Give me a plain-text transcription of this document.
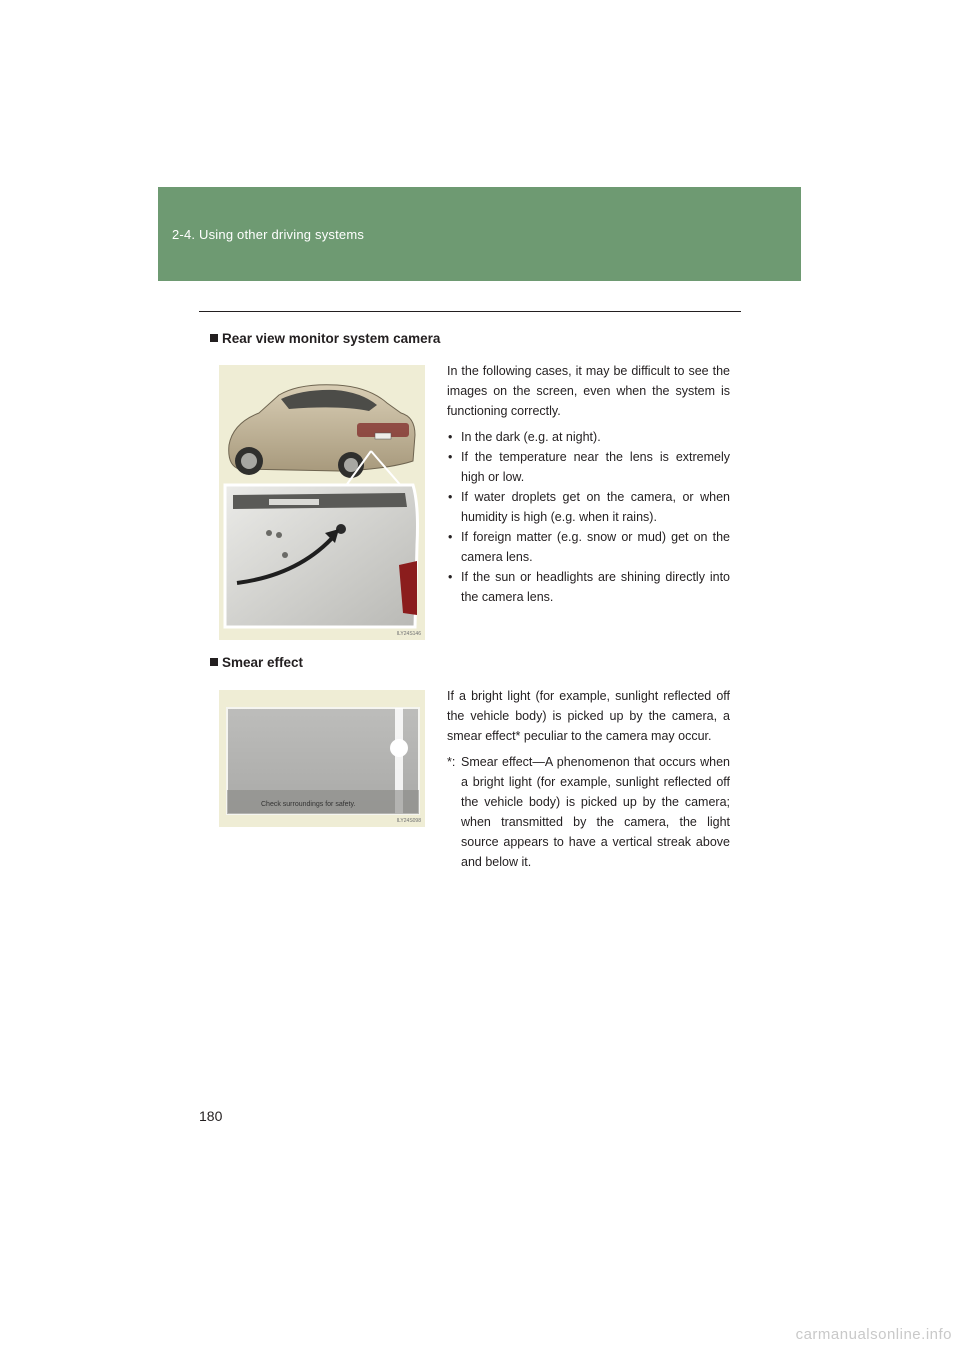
2-4. Using other driving systems
Rear view monitor system camera
ILY24S146

In the following cases, it may be difficult to see the images on the screen, even when the system is functioning correctly.

• In the dark (e.g. at night).
• If the temperature near the lens is extremely high or low.
• If water droplets get on the camera, or when humidity is high (e.g. when it rains).
• If foreign matter (e.g. snow or mud) get on the camera lens.
• If the sun or headlights are shining directly into the camera lens.
Smear effect
Check surroundings for safety.
ILY24S098

If a bright light (for example, sunlight reflected off the vehicle body) is picked up by the camera, a smear effect* peculiar to the camera may occur.

*: Smear effect—A phenomenon that occurs when a bright light (for example, sunlight reflected off the vehicle body) is picked up by the camera; when transmitted by the camera, the light source appears to have a vertical streak above and below it.
180
carmanualsonline.info
